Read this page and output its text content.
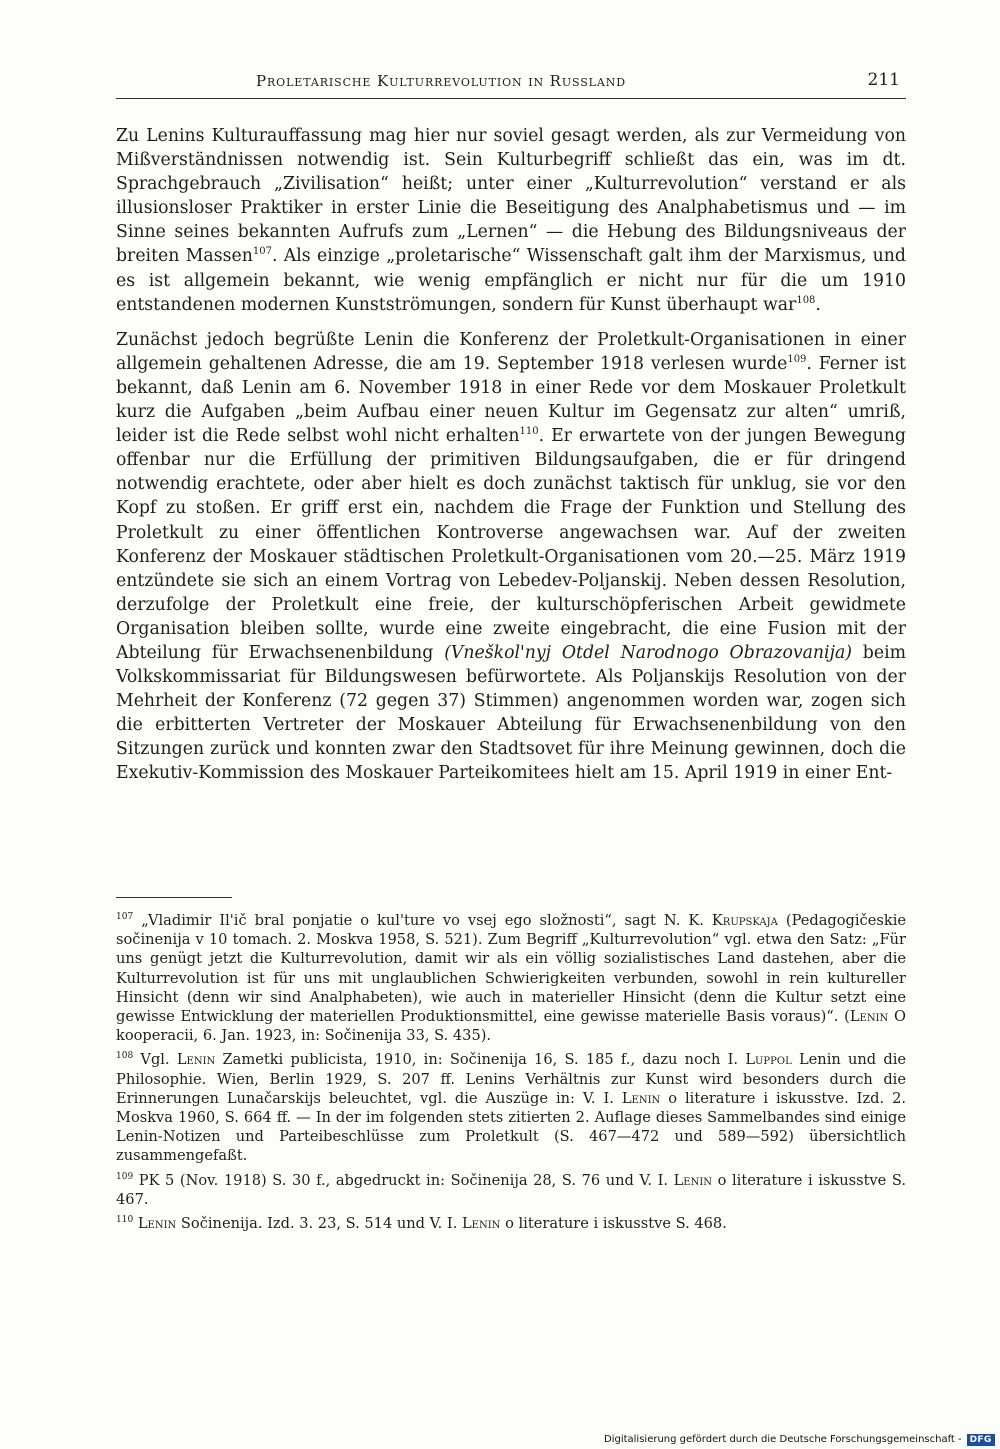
Proletarische Kulturrevolution in Russland	211

Zu Lenins Kulturauffassung mag hier nur soviel gesagt werden, als zur Vermeidung von Mißverständnissen notwendig ist. Sein Kulturbegriff schließt das ein, was im dt. Sprachgebrauch „Zivilisation“ heißt; unter einer „Kulturrevolution“ verstand er als illusionsloser Praktiker in erster Linie die Beseitigung des Analphabetismus und — im Sinne seines bekannten Aufrufs zum „Lernen“ — die Hebung des Bildungsniveaus der breiten Massen$^{107}$. Als einzige „proletarische“ Wissenschaft galt ihm der Marxismus, und es ist allgemein bekannt, wie wenig empfänglich er nicht nur für die um 1910 entstandenen modernen Kunstströmungen, sondern für Kunst überhaupt war$^{108}$.

Zunächst jedoch begrüßte Lenin die Konferenz der Proletkult-Organisationen in einer allgemein gehaltenen Adresse, die am 19. September 1918 verlesen wurde$^{109}$. Ferner ist bekannt, daß Lenin am 6. November 1918 in einer Rede vor dem Moskauer Proletkult kurz die Aufgaben „beim Aufbau einer neuen Kultur im Gegensatz zur alten“ umriß, leider ist die Rede selbst wohl nicht erhalten$^{110}$. Er erwartete von der jungen Bewegung offenbar nur die Erfüllung der primitiven Bildungsaufgaben, die er für dringend notwendig erachtete, oder aber hielt es doch zunächst taktisch für unklug, sie vor den Kopf zu stoßen. Er griff erst ein, nachdem die Frage der Funktion und Stellung des Proletkult zu einer öffentlichen Kontroverse angewachsen war. Auf der zweiten Konferenz der Moskauer städtischen Proletkult-Organisationen vom 20.—25. März 1919 entzündete sie sich an einem Vortrag von Lebedev-Poljanskij. Neben dessen Resolution, derzufolge der Proletkult eine freie, der kulturschöpferischen Arbeit gewidmete Organisation bleiben sollte, wurde eine zweite eingebracht, die eine Fusion mit der Abteilung für Erwachsenenbildung (Vneškol'nyj Otdel Narodnogo Obrazovanija) beim Volkskommissariat für Bildungswesen befürwortete. Als Poljanskijs Resolution von der Mehrheit der Konferenz (72 gegen 37) Stimmen) angenommen worden war, zogen sich die erbitterten Vertreter der Moskauer Abteilung für Erwachsenenbildung von den Sitzungen zurück und konnten zwar den Stadtsovet für ihre Meinung gewinnen, doch die Exekutiv-Kommission des Moskauer Parteikomitees hielt am 15. April 1919 in einer Ent-

$^{107}$ „Vladimir Il'ič bral ponjatie o kul'ture vo vsej ego složnosti“, sagt N. K. Krupskaja (Pedagogičeskie sočinenija v 10 tomach. 2. Moskva 1958, S. 521). Zum Begriff „Kulturrevolution“ vgl. etwa den Satz: „Für uns genügt jetzt die Kulturrevolution, damit wir als ein völlig sozialistisches Land dastehen, aber die Kulturrevolution ist für uns mit unglaublichen Schwierigkeiten verbunden, sowohl in rein kultureller Hinsicht (denn wir sind Analphabeten), wie auch in materieller Hinsicht (denn die Kultur setzt eine gewisse Entwicklung der materiellen Produktionsmittel, eine gewisse materielle Basis voraus)“. (Lenin O kooperacii, 6. Jan. 1923, in: Sočinenija 33, S. 435).

$^{108}$ Vgl. Lenin Zametki publicista, 1910, in: Sočinenija 16, S. 185 f., dazu noch I. Luppol Lenin und die Philosophie. Wien, Berlin 1929, S. 207 ff. Lenins Verhältnis zur Kunst wird besonders durch die Erinnerungen Lunačarskijs beleuchtet, vgl. die Auszüge in: V. I. Lenin o literature i iskusstve. Izd. 2. Moskva 1960, S. 664 ff. — In der im folgenden stets zitierten 2. Auflage dieses Sammelbandes sind einige Lenin-Notizen und Parteibeschlüsse zum Proletkult (S. 467—472 und 589—592) übersichtlich zusammengefaßt.

$^{109}$ PK 5 (Nov. 1918) S. 30 f., abgedruckt in: Sočinenija 28, S. 76 und V. I. Lenin o literature i iskusstve S. 467.

$^{110}$ Lenin Sočinenija. Izd. 3. 23, S. 514 und V. I. Lenin o literature i iskusstve S. 468.

Digitalisierung gefördert durch die Deutsche Forschungsgemeinschaft - DFG
